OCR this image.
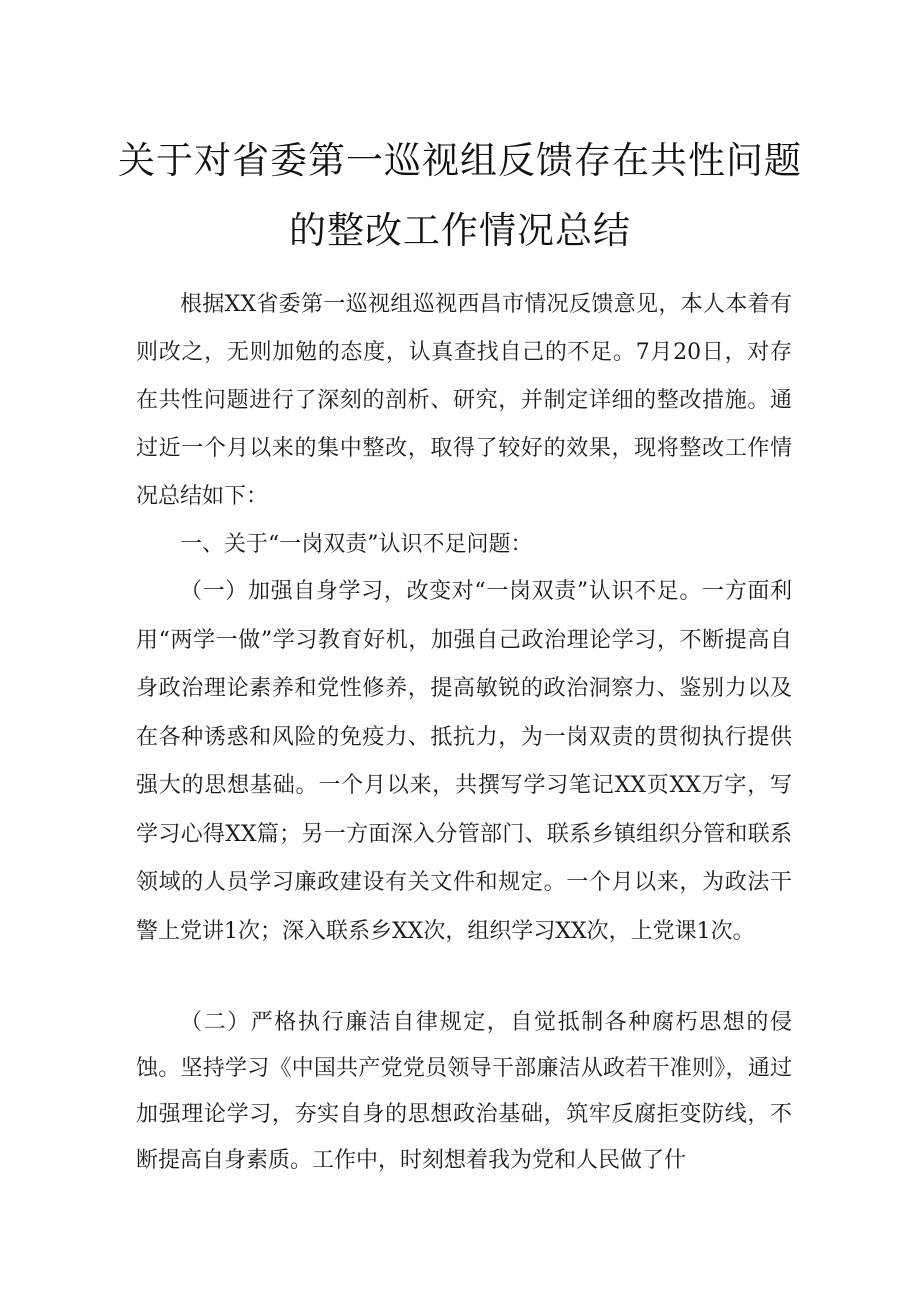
关于对省委第一巡视组反馈存在共性问题
的整改工作情况总结

根据XX省委第一巡视组巡视西昌市情况反馈意见，本人本着有则改之，无则加勉的态度，认真查找自己的不足。7月20日，对存在共性问题进行了深刻的剖析、研究，并制定详细的整改措施。通过近一个月以来的集中整改，取得了较好的效果，现将整改工作情况总结如下：

一、关于“一岗双责”认识不足问题：

（一）加强自身学习，改变对“一岗双责”认识不足。一方面利用“两学一做”学习教育好机，加强自己政治理论学习，不断提高自身政治理论素养和党性修养，提高敏锐的政治洞察力、鉴别力以及在各种诱惑和风险的免疫力、抵抗力，为一岗双责的贯彻执行提供强大的思想基础。一个月以来，共撰写学习笔记XX页XX万字，写学习心得XX篇；另一方面深入分管部门、联系乡镇组织分管和联系领域的人员学习廉政建设有关文件和规定。一个月以来，为政法干警上党讲1次；深入联系乡XX次，组织学习XX次，上党课1次。

（二）严格执行廉洁自律规定，自觉抵制各种腐朽思想的侵蚀。坚持学习《中国共产党党员领导干部廉洁从政若干准则》，通过加强理论学习，夯实自身的思想政治基础，筑牢反腐拒变防线，不断提高自身素质。工作中，时刻想着我为党和人民做了什
